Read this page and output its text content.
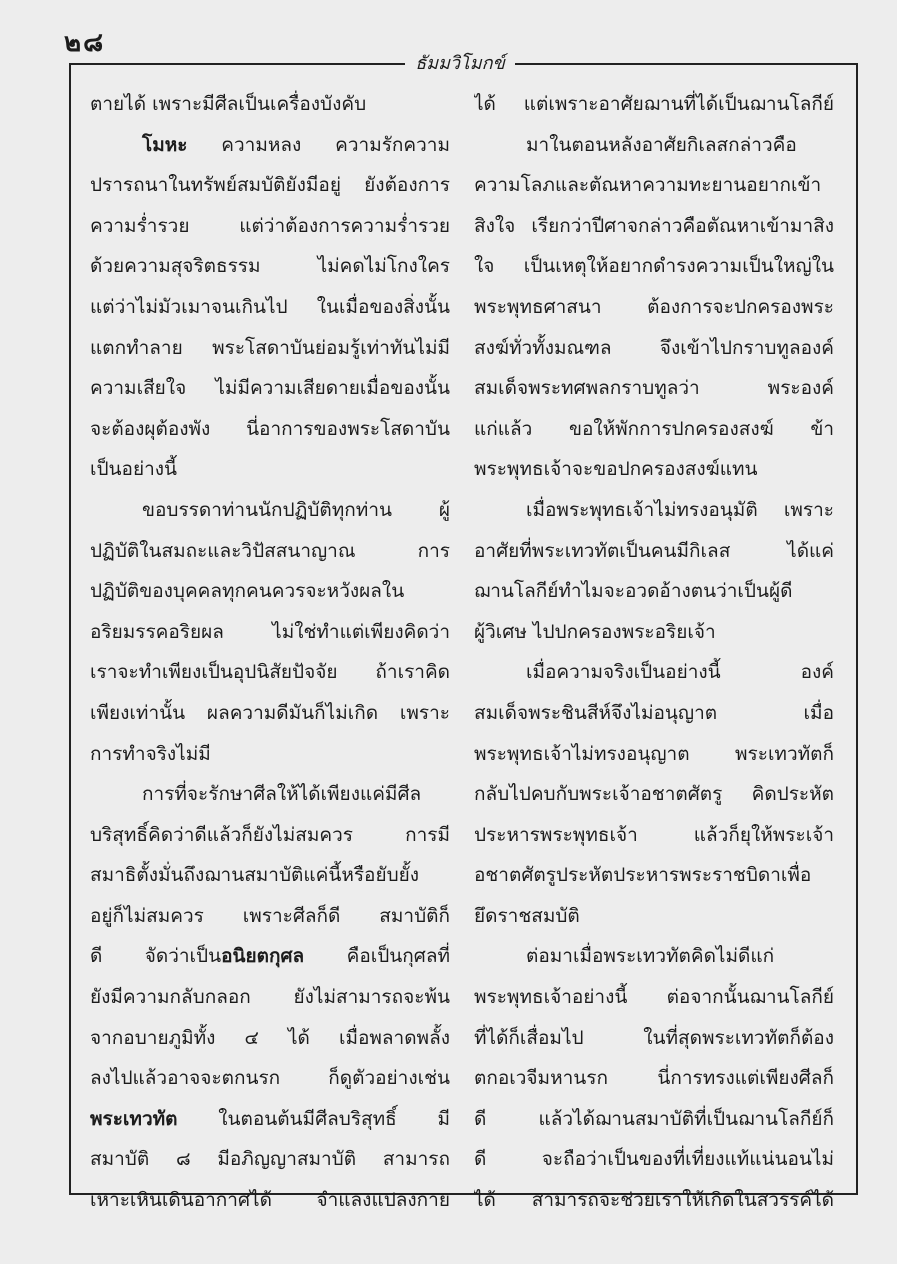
๒๘
ธัมมวิโมกข์
ตายได้ เพราะมีศีลเป็นเครื่องบังคับ
โมหะ ความหลง ความรักความ
ปรารถนาในทรัพย์สมบัติยังมีอยู่ ยังต้องการ
ความร่ำรวย แต่ว่าต้องการความร่ำรวย
ด้วยความสุจริตธรรม ไม่คดไม่โกงใคร
แต่ว่าไม่มัวเมาจนเกินไป ในเมื่อของสิ่งนั้น
แตกทำลาย พระโสดาบันย่อมรู้เท่าทันไม่มี
ความเสียใจ ไม่มีความเสียดายเมื่อของนั้น
จะต้องผุต้องพัง นี่อาการของพระโสดาบัน
เป็นอย่างนี้
ขอบรรดาท่านนักปฏิบัติทุกท่าน ผู้
ปฏิบัติในสมถะและวิปัสสนาญาณ การ
ปฏิบัติของบุคคลทุกคนควรจะหวังผลใน
อริยมรรคอริยผล ไม่ใช่ทำแต่เพียงคิดว่า
เราจะทำเพียงเป็นอุปนิสัยปัจจัย ถ้าเราคิด
เพียงเท่านั้น ผลความดีมันก็ไม่เกิด เพราะ
การทำจริงไม่มี
การที่จะรักษาศีลให้ได้เพียงแค่มีศีล
บริสุทธิ์คิดว่าดีแล้วก็ยังไม่สมควร การมี
สมาธิตั้งมั่นถึงฌานสมาบัติแค่นี้หรือยับยั้ง
อยู่ก็ไม่สมควร เพราะศีลก็ดี สมาบัติก็
ดี จัดว่าเป็นอนิยตกุศล คือเป็นกุศลที่
ยังมีความกลับกลอก ยังไม่สามารถจะพ้น
จากอบายภูมิทั้ง ๔ ได้ เมื่อพลาดพลั้ง
ลงไปแล้วอาจจะตกนรก ก็ดูตัวอย่างเช่น
พระเทวทัต ในตอนต้นมีศีลบริสุทธิ์ มี
สมาบัติ ๘ มีอภิญญาสมาบัติ สามารถ
เหาะเหินเดินอากาศได้ จำแลงแปลงกาย
ได้ แต่เพราะอาศัยฌานที่ได้เป็นฌานโลกีย์
มาในตอนหลังอาศัยกิเลสกล่าวคือ
ความโลภและตัณหาความทะยานอยากเข้า
สิงใจ เรียกว่าปีศาจกล่าวคือตัณหาเข้ามาสิง
ใจ เป็นเหตุให้อยากดำรงความเป็นใหญ่ใน
พระพุทธศาสนา ต้องการจะปกครองพระ
สงฆ์ทั่วทั้งมณฑล จึงเข้าไปกราบทูลองค์
สมเด็จพระทศพลกราบทูลว่า พระองค์
แก่แล้ว ขอให้พักการปกครองสงฆ์ ข้า
พระพุทธเจ้าจะขอปกครองสงฆ์แทน
เมื่อพระพุทธเจ้าไม่ทรงอนุมัติ เพราะ
อาศัยที่พระเทวทัตเป็นคนมีกิเลส ได้แค่
ฌานโลกีย์ทำไมจะอวดอ้างตนว่าเป็นผู้ดี
ผู้วิเศษ ไปปกครองพระอริยเจ้า
เมื่อความจริงเป็นอย่างนี้ องค์
สมเด็จพระชินสีห์จึงไม่อนุญาต เมื่อ
พระพุทธเจ้าไม่ทรงอนุญาต พระเทวทัตก็
กลับไปคบกับพระเจ้าอชาตศัตรู คิดประหัต
ประหารพระพุทธเจ้า แล้วก็ยุให้พระเจ้า
อชาตศัตรูประหัตประหารพระราชบิดาเพื่อ
ยึดราชสมบัติ
ต่อมาเมื่อพระเทวทัตคิดไม่ดีแก่
พระพุทธเจ้าอย่างนี้ ต่อจากนั้นฌานโลกีย์
ที่ได้ก็เสื่อมไป ในที่สุดพระเทวทัตก็ต้อง
ตกอเวจีมหานรก นี่การทรงแต่เพียงศีลก็
ดี แล้วได้ฌานสมาบัติที่เป็นฌานโลกีย์ก็
ดี จะถือว่าเป็นของที่เที่ยงแท้แน่นอนไม่
ได้ สามารถจะช่วยเราให้เกิดในสวรรค์ได้
